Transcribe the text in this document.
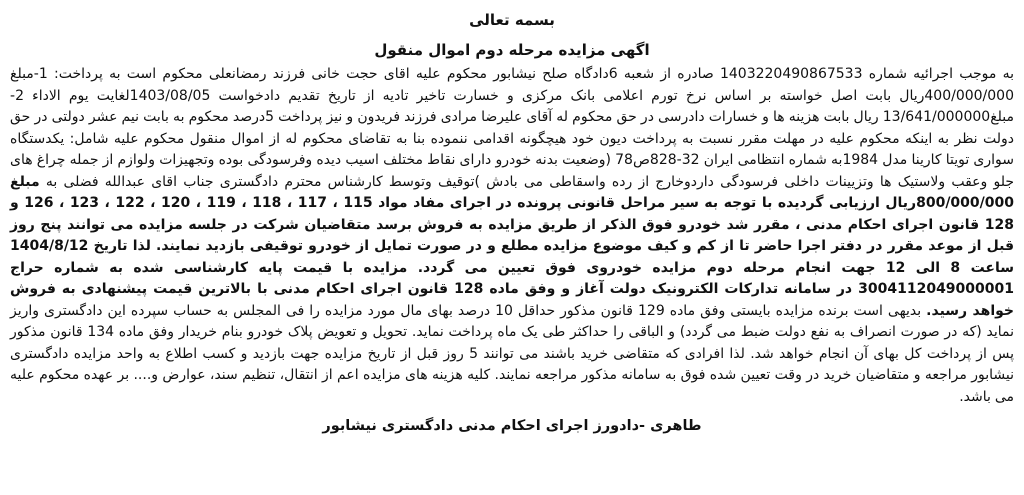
بسمه تعالی
اگهی مزایده مرحله دوم اموال منقول

به موجب اجرائیه شماره 1403220490867533 صادره از شعبه 6دادگاه صلح نیشابور محکوم علیه اقای حجت خانی فرزند رمضانعلی محکوم است به پرداخت: 1-مبلغ 400/000/000ریال بابت اصل خواسته بر اساس نرخ تورم اعلامی بانک مرکزی و خسارت تاخیر تادیه از تاریخ تقدیم دادخواست 1403/08/05لغایت یوم الاداء 2-مبلغ13/641/000000 ریال بابت هزینه ها و خسارات دادرسی در حق محکوم له آقای علیرضا مرادی فرزند فریدون و نیز پرداخت 5درصد محکوم به بابت نیم عشر دولتی در حق دولت نظر به اینکه محکوم علیه در مهلت مقرر نسبت به پرداخت دیون خود هیچگونه اقدامی ننموده بنا به تقاضای محکوم له از اموال منقول محکوم علیه شامل: یکدستگاه سواری تویتا کارینا مدل 1984به شماره انتظامی ایران 32-828ص78 (وضعیت بدنه خودرو دارای نقاط مختلف اسیب دیده وفرسودگی بوده وتجهیزات ولوازم از جمله چراغ های جلو وعقب ولاستیک ها وتزیینات داخلی فرسودگی داردوخارج از رده واسقاطی می بادش )توقیف وتوسط کارشناس محترم دادگستری جناب اقای عبدالله فضلی به مبلغ 800/000/000ریال ارزیابی گردیده با توجه به سیر مراحل قانونی پرونده در اجرای مفاد مواد 115 ، 117 ، 118 ، 119 ، 120 ، 122 ، 123 ، 126 و 128 قانون اجرای احکام مدنی ، مقرر شد خودرو فوق الذکر از طریق مزایده به فروش برسد متقاضیان شرکت در جلسه مزایده می توانند پنج روز قبل از موعد مقرر در دفتر اجرا حاضر تا از کم و کیف موضوع مزایده مطلع و در صورت تمایل از خودرو توقیفی بازدید نمایند. لذا تاریخ 1404/8/12 ساعت 8 الی 12 جهت انجام مرحله دوم مزایده خودروی فوق تعیین می گردد. مزایده با قیمت پایه کارشناسی شده به شماره حراج 3004112049000001 در سامانه تدارکات الکترونیک دولت آغاز و وفق ماده 128 قانون اجرای احکام مدنی با بالاترین قیمت پیشنهادی به فروش خواهد رسید. بدیهی است برنده مزایده بایستی وفق ماده 129 قانون مذکور حداقل 10 درصد بهای مال مورد مزایده را فی المجلس به حساب سپرده این دادگستری واریز نماید (که در صورت انصراف به نفع دولت ضبط می گردد) و الباقی را حداکثر طی یک ماه پرداخت نماید. تحویل و تعویض پلاک خودرو بنام خریدار وفق ماده 134 قانون مذکور پس از پرداخت کل بهای آن انجام خواهد شد. لذا افرادی که متقاضی خرید باشند می توانند 5 روز قبل از تاریخ مزایده جهت بازدید و کسب اطلاع به واحد مزایده دادگستری نیشابور مراجعه و متقاضیان خرید در وقت تعیین شده فوق به سامانه مذکور مراجعه نمایند. کلیه هزینه های مزایده اعم از انتقال، تنظیم سند، عوارض و.... بر عهده محکوم علیه می باشد.

طاهری -دادورز اجرای احکام مدنی دادگستری نیشابور
